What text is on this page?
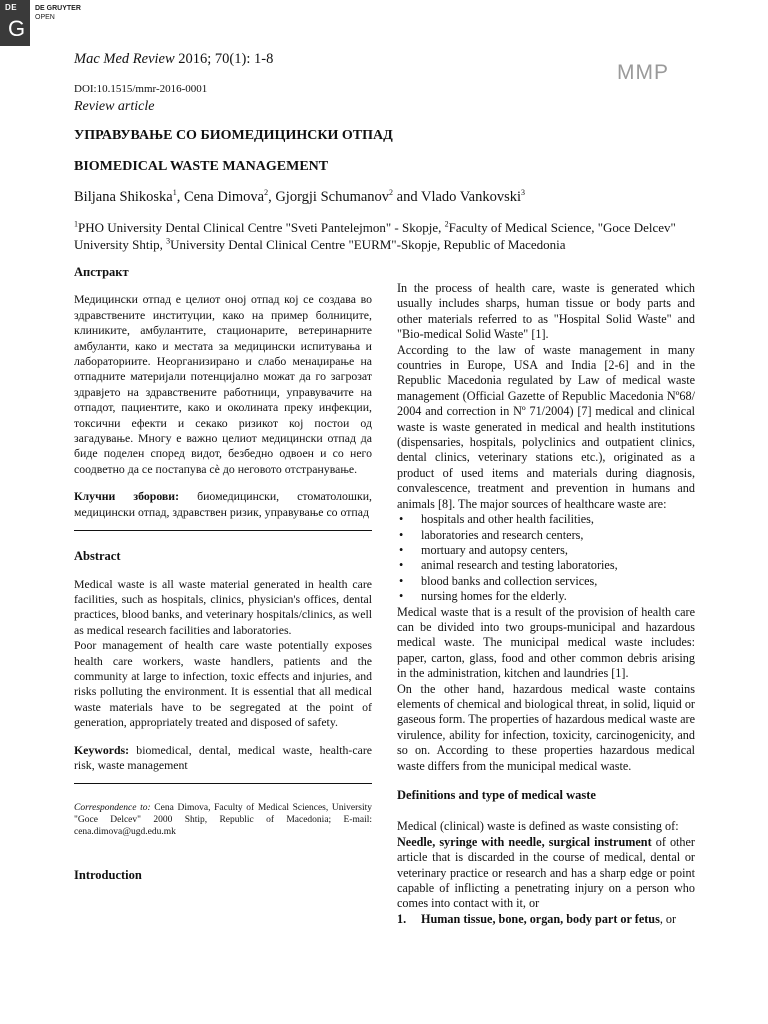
DE
G
DE GRUYTER
OPEN
Mac Med Review 2016; 70(1): 1-8
MMP
DOI:10.1515/mmr-2016-0001
Review article
УПРАВУВАЊЕ СО БИОМЕДИЦИНСКИ ОТПАД
BIOMEDICAL WASTE MANAGEMENT
Biljana Shikoska$^1$, Cena Dimova$^2$, Gjorgji Schumanov$^2$ and Vlado Vankovski$^3$
$^1$PHO University Dental Clinical Centre "Sveti Pantelejmon" - Skopje, $^2$Faculty of Medical Science, "Goce Delcev" University Shtip, $^3$University Dental Clinical Centre "EURM"-Skopje, Republic of Macedonia

Апстракт

Медицински отпад е целиот оној отпад кој се создава во здравствените институции, како на пример болниците, клиниките, амбулантите, стационарите, ветеринарните амбуланти, како и местата за медицински испитувања и лабораториите. Неорганизирано и слабо менаџирање на отпадните материјали потенцијално можат да го загрозат здравјето на здравствените работници, управувачите на отпадот, пациентите, како и околината преку инфекции, токсични ефекти и секако ризикот кој постои од загадување. Многу е важно целиот медицински отпад да биде поделен според видот, безбедно одвоен и со него соодветно да се постапува сѐ до неговото отстранување.

Клучни зборови: биомедицински, стоматолошки, медицински отпад, здравствен ризик, управување со отпад

Abstract

Medical waste is all waste material generated in health care facilities, such as hospitals, clinics, physician's offices, dental practices, blood banks, and veterinary hospitals/clinics, as well as medical research facilities and laboratories.

Poor management of health care waste potentially exposes health care workers, waste handlers, patients and the community at large to infection, toxic effects and injuries, and risks polluting the environment. It is essential that all medical waste materials have to be segregated at the point of generation, appropriately treated and disposed of safety.

Keywords: biomedical, dental, medical waste, health-care risk, waste management

Correspondence to: Cena Dimova, Faculty of Medical Sciences, University "Goce Delcev" 2000 Shtip, Republic of Macedonia; E-mail: cena.dimova@ugd.edu.mk

Introduction

In the process of health care, waste is generated which usually includes sharps, human tissue or body parts and other materials referred to as "Hospital Solid Waste" and "Bio-medical Solid Waste" [1].

According to the law of waste management in many countries in Europe, USA and India [2-6] and in the Republic Macedonia regulated by Law of medical waste management (Official Gazette of Republic Macedonia Nº68/ 2004 and correction in Nº 71/2004) [7] medical and clinical waste is waste generated in medical and health institutions (dispensaries, hospitals, polyclinics and outpatient clinics, dental clinics, veterinary stations etc.), originated as a product of used items and materials during diagnosis, convalescence, treatment and prevention in humans and animals [8]. The major sources of healthcare waste are:

• hospitals and other health facilities,
• laboratories and research centers,
• mortuary and autopsy centers,
• animal research and testing laboratories,
• blood banks and collection services,
• nursing homes for the elderly.

Medical waste that is a result of the provision of health care can be divided into two groups-municipal and hazardous medical waste. The municipal medical waste includes: paper, carton, glass, food and other common debris arising in the administration, kitchen and laundries [1].

On the other hand, hazardous medical waste contains elements of chemical and biological threat, in solid, liquid or gaseous form. The properties of hazardous medical waste are virulence, ability for infection, toxicity, carcinogenicity, and so on. According to these properties hazardous medical waste differs from the municipal medical waste.

Definitions and type of medical waste

Medical (clinical) waste is defined as waste consisting of:

Needle, syringe with needle, surgical instrument of other article that is discarded in the course of medical, dental or veterinary practice or research and has a sharp edge or point capable of inflicting a penetrating injury on a person who comes into contact with it, or

1. Human tissue, bone, organ, body part or fetus, or
